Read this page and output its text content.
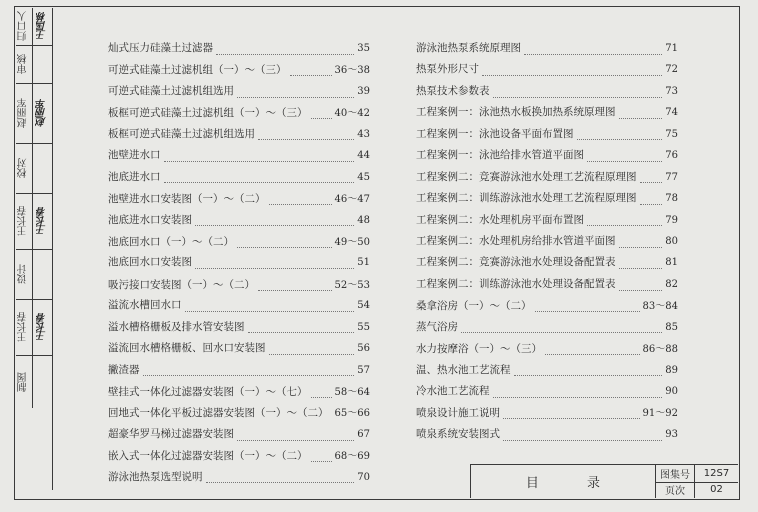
归口人 王国栋
审核
赵丽军 赵丽军
校对
王长春 王长春
设计
王长春 王长春
制图
灿式压力硅藻土过滤器	35
可逆式硅藻土过滤机组（一）～（三）	36～38
可逆式硅藻土过滤机组选用	39
板框可逆式硅藻土过滤机组（一）～（三）	40～42
板框可逆式硅藻土过滤机组选用	43
池壁进水口	44
池底进水口	45
池壁进水口安装图（一）～（二）	46～47
池底进水口安装图	48
池底回水口（一）～（二）	49～50
池底回水口安装图	51
吸污接口安装图（一）～（二）	52～53
溢流水槽回水口	54
溢水槽格栅板及排水管安装图	55
溢流回水槽格栅板、回水口安装图	56
撇渣器	57
壁挂式一体化过滤器安装图（一）～（七）	58～64
回地式一体化平板过滤器安装图（一）～（二） 65～66
超豪华罗马梯过滤器安装图	67
嵌入式一体化过滤器安装图（一）～（二）	68～69
游泳池热泵选型说明	70
游泳池热泵系统原理图	71
热泵外形尺寸	72
热泵技术参数表	73
工程案例一：泳池热水板换加热系统原理图	74
工程案例一：泳池设备平面布置图	75
工程案例一：泳池给排水管道平面图	76
工程案例二：竞赛游泳池水处理工艺流程原理图	77
工程案例二：训练游泳池水处理工艺流程原理图	78
工程案例二：水处理机房平面布置图	79
工程案例二：水处理机房给排水管道平面图	80
工程案例二：竞赛游泳池水处理设备配置表	81
工程案例二：训练游泳池水处理设备配置表	82
桑拿浴房（一）～（二）	83～84
蒸气浴房	85
水力按摩浴（一）～（三）	86～88
温、热水池工艺流程	89
冷水池工艺流程	90
喷泉设计施工说明	91～92
喷泉系统安装图式	93
目 录
图集号	12S7
页次	02
